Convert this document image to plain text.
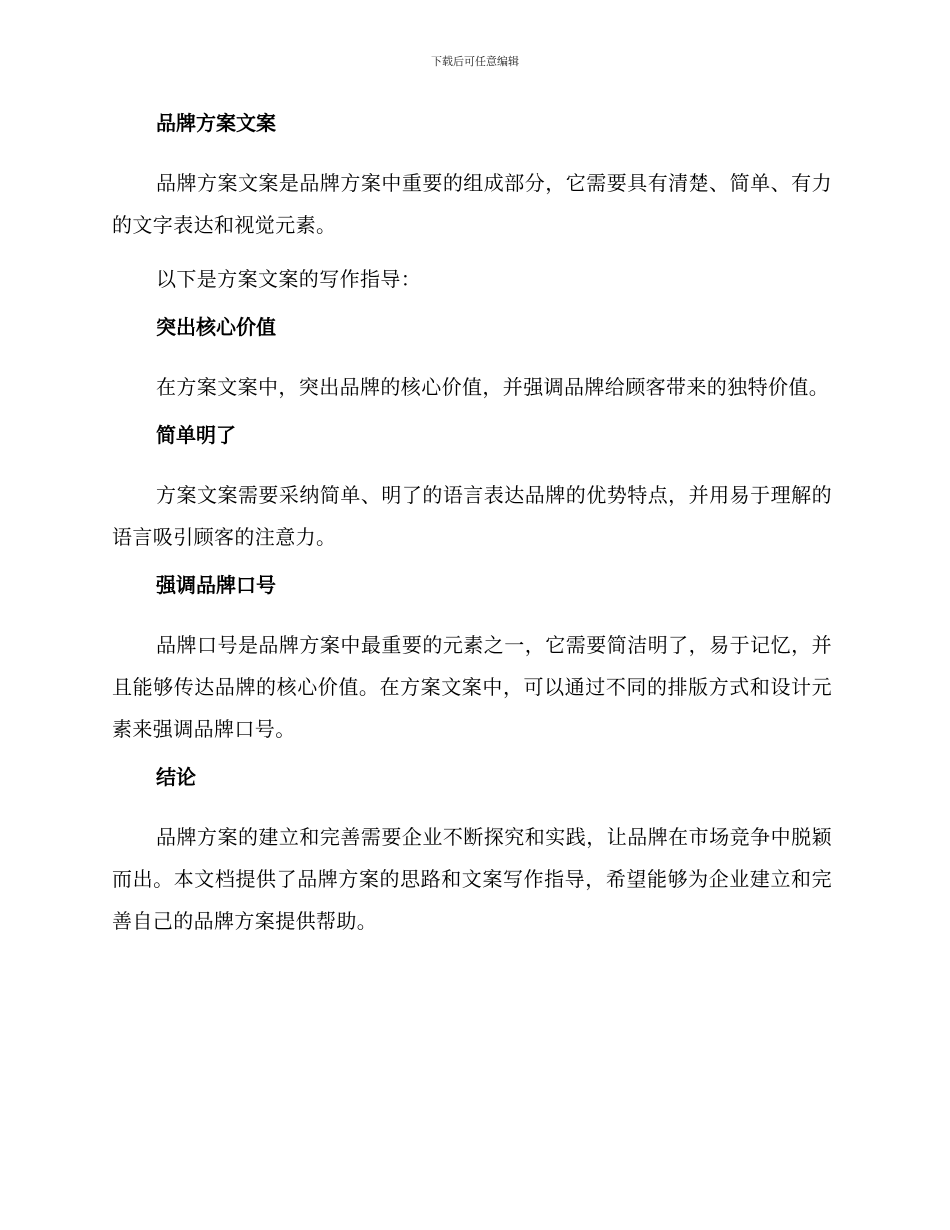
下载后可任意编辑
品牌方案文案

品牌方案文案是品牌方案中重要的组成部分，它需要具有清楚、简单、有力的文字表达和视觉元素。

以下是方案文案的写作指导：

突出核心价值

在方案文案中，突出品牌的核心价值，并强调品牌给顾客带来的独特价值。

简单明了

方案文案需要采纳简单、明了的语言表达品牌的优势特点，并用易于理解的语言吸引顾客的注意力。

强调品牌口号

品牌口号是品牌方案中最重要的元素之一，它需要简洁明了，易于记忆，并且能够传达品牌的核心价值。在方案文案中，可以通过不同的排版方式和设计元素来强调品牌口号。

结论

品牌方案的建立和完善需要企业不断探究和实践，让品牌在市场竞争中脱颖而出。本文档提供了品牌方案的思路和文案写作指导，希望能够为企业建立和完善自己的品牌方案提供帮助。
